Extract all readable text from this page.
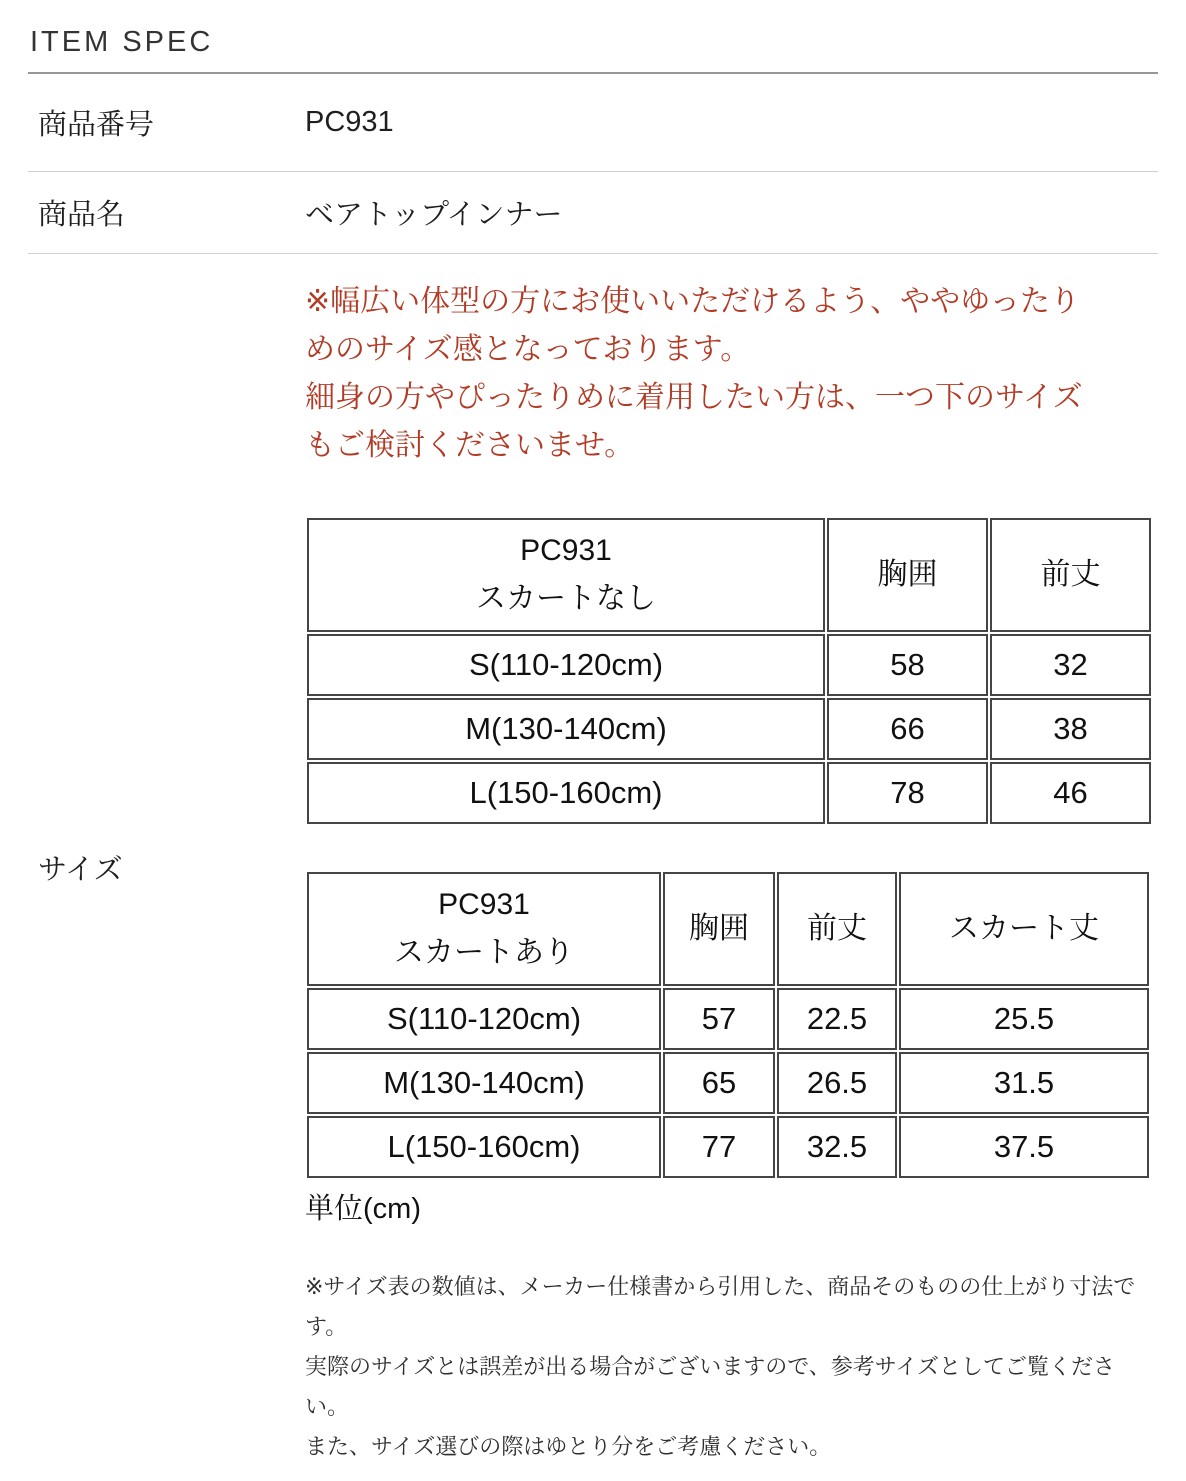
ITEM SPEC
商品番号	PC931
商品名	ベアトップインナー
サイズ
※幅広い体型の方にお使いいただけるよう、ややゆったり
めのサイズ感となっております。
細身の方やぴったりめに着用したい方は、一つ下のサイズ
もご検討くださいませ。
PC931
スカートなし	胸囲	前丈
S(110-120cm)	58	32
M(130-140cm)	66	38
L(150-160cm)	78	46
PC931
スカートあり	胸囲	前丈	スカート丈
S(110-120cm)	57	22.5	25.5
M(130-140cm)	65	26.5	31.5
L(150-160cm)	77	32.5	37.5
単位(cm)
※サイズ表の数値は、メーカー仕様書から引用した、商品そのものの仕上がり寸法です。
実際のサイズとは誤差が出る場合がございますので、参考サイズとしてご覧ください。
また、サイズ選びの際はゆとり分をご考慮ください。
